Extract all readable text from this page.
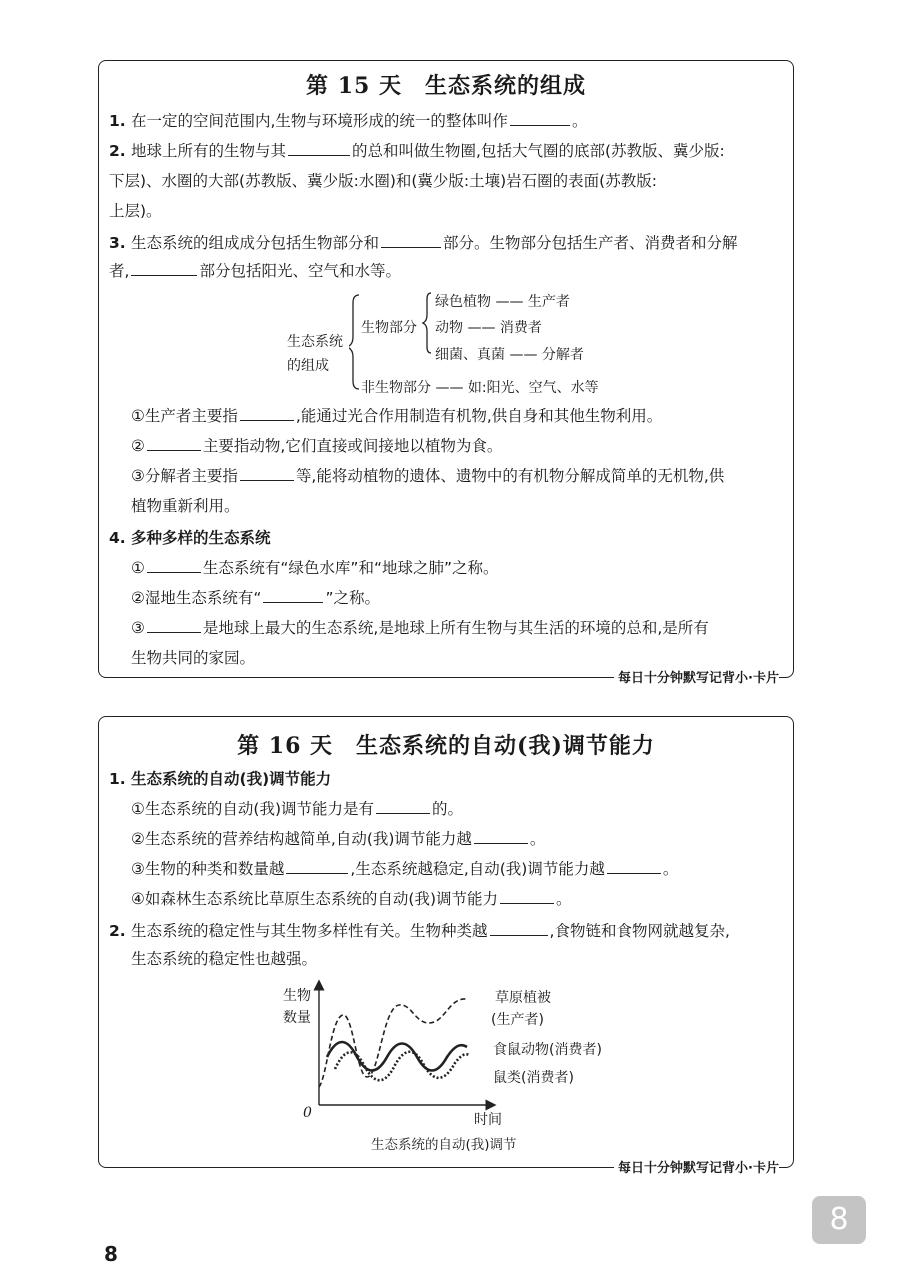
第 15 天　生态系统的组成
1. 在一定的空间范围内,生物与环境形成的统一的整体叫作	。
2. 地球上所有的生物与其	的总和叫做生物圈,包括大气圈的底部(苏教版、冀少版:
下层)、水圈的大部(苏教版、冀少版:水圈)和(冀少版:土壤)岩石圈的表面(苏教版:
上层)。
3. 生态系统的组成成分包括生物部分和	部分。生物部分包括生产者、消费者和分解
者,	部分包括阳光、空气和水等。
生态系统
的组成
生物部分
非生物部分 —— 如:阳光、空气、水等
绿色植物 —— 生产者
动物 —— 消费者
细菌、真菌 —— 分解者
①生产者主要指	,能通过光合作用制造有机物,供自身和其他生物利用。
②	主要指动物,它们直接或间接地以植物为食。
③分解者主要指	等,能将动植物的遗体、遗物中的有机物分解成简单的无机物,供
植物重新利用。
4. 多种多样的生态系统
①	生态系统有“绿色水库”和“地球之肺”之称。
②湿地生态系统有“	”之称。
③	是地球上最大的生态系统,是地球上所有生物与其生活的环境的总和,是所有
生物共同的家园。
每日十分钟默写记背小·卡片
第 16 天　生态系统的自动(我)调节能力
1. 生态系统的自动(我)调节能力
①生态系统的自动(我)调节能力是有	的。
②生态系统的营养结构越简单,自动(我)调节能力越	。
③生物的种类和数量越	,生态系统越稳定,自动(我)调节能力越	。
④如森林生态系统比草原生态系统的自动(我)调节能力	。
2. 生态系统的稳定性与其生物多样性有关。生物种类越	,食物链和食物网就越复杂,
生态系统的稳定性也越强。
生物
数量
0	时间
生态系统的自动(我)调节
草原植被
(生产者)
食鼠动物(消费者)
鼠类(消费者)
每日十分钟默写记背小·卡片
8
8
